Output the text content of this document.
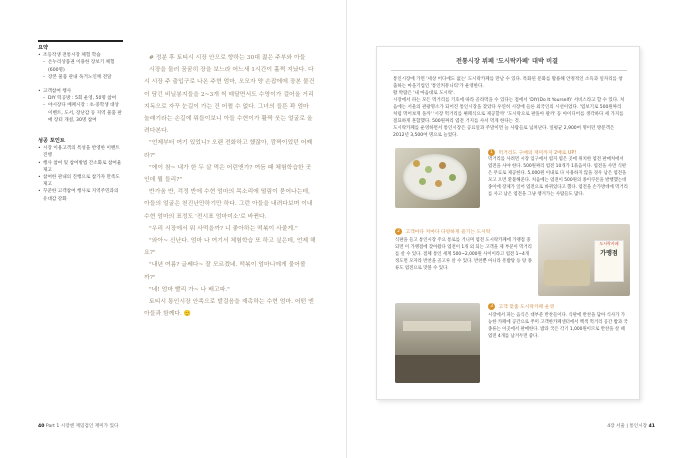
요약
• 조등작생 전통시장 체험 학습
– 온누리상품권 이용한 장보기 체험(600명)
– 장본 물품 관내 독거노인께 전달
• 고객참여 행사
– DIY 떡공방 : 5회 운영, 50명 참여
– 야시장다 베페시장 : 초·중학생 대상 이벤트, 도서, 장난감 등 지역 물품 판매 장터 개설, 30명 참여
성공 포인트
• 시장 이용고객의 특성을 반영한 이벤트 진행
• 행사 참여 및 참여방법 간소화로 참여율 제고
• 참여한 관내의 진행으로 참가자 만족도 제고
• 꾸준한 고객참여 행사로 지역주민과의 유대감 강화

# 정분 후 토티시 시장 안으로 향하는 30대 젊은 주부와 아들

시장을 둘러 꿈꿈히 장을 보느라 어느새 1시간이 훌쩍 지났다. 다시 시장 주 출입구로 나온 주현 엄마, 오모자 양 손잡에에 장본 물건이 담긴 비닐봉지들을 2~3개 씩 매달면서도 수영이가 걸어올 거리 지독으로 자꾸 눈길이 가는 건 어쩔 수 없다. 그녀의 들뜬 꽉 엄마 놀래기라는 손길에 뭐들이보니 아들 수현이가 활짝 웃는 얼굴로 올려다본다.

"언제부터 여기 있었니? 오랜 전화하고 했잖아, 깜짝이었던 어째라?"

"에이 참~ 내가 한 두 살 먹은 어린앤가? 여듬 때 체험학습한 곳인데 뭘 들리?"

반가움 반, 걱정 반에 수현 엄마의 목소리에 떨림이 묻어나는데, 아들의 얼굴은 천진난만하기만 하다. 그런 아들을 내려다보며 이내 수현 엄마의 표정도 '전시표 엄마미소'로 바뀐다.

"우리 시장에서 뭐 사먹을까? 니 좋아하는 떡볶이 사줄게."

"와아~ 신난다. 엄마 나 여기서 체험학습 또 하고 싶은데, 언제 해요?"

"내년 여름? 글쎄다~ 잘 모르겠네. 떡볶이 엄마니에게 물어볼까?"

"네! 엄마 빨리 가~ 나 배고파."

토티시 통인시장 안족으로 발걸음을 재촉하는 수현 엄마. 어떤 엔 아들과 함께다. 🙂

40 Part 1 시장엔 재밌겁인 재미가 있다	4장 서울 | 통인시장 41
전통시장 뷔페 '도시락카페' 대박 비결

통인시장에 가면 '세상 어디에도 없는' 도시락카페를 만날 수 있다. 특화된 문화를 활용해 안정적인 소득과 일자리를 창출하는 마을기업인 '통인커뮤니티'가 운영한다.

활 박람은 '내 마음대로 도시락'.

시장에서 파는 모든 먹거리를 기호에 따라 골라먹을 수 있다는 점에서 'DIY(Do It Yourself)' 서비스라고 할 수 있다. 처음에는 서울의 관광명소가 되어진 통인시장을 찾았다 우연히 시장에 들른 외국인의 시선이었다. '엽보기로 500원짜리처럼 먹어보게 돌까' '시장 먹거리를 뷔페식으로 제공할까' '도시락으로 판돌아 팔까' 등 아이디어를 생각하다 세 가지를 절묘하게 혼합했다. 500원짜리 엽전 거지를 사서 먹게 한다는 것.

도시락카페를 운영하면서 통인시장은 공료일과 주말이면 늘 사람들로 넘쳐난다. 일평균 2,900여 명이던 방문객은 2012년 3,500여 명으로 늘었다.

1 먹거리도 구매의 재미까지 2배로 UP!
먹거리를 사려면 시장 입구에서 엽지 엽은 곳에 위치한 엽전 판매처에서 엽전을 사야 한다. 500원짜리 엽전 10개가 1묶음이다. 엽전을 사면 식판은 무료로 제공한다. 5,000원 이내로 다 사용하지 않을 경우 남은 엽전을 모고 오면 환불해준다. 처음에는 엽전이 500원의 종이쿠폰을 발행했는데 종이에 장제가 일어 엽전으로 바뀌었다고 했다. 엽전을 손가방데에 먹거리를 사고 남은 엽전을 그냥 챙겨가는 사람들도 많다.
2 고객마다 저마다 다양하게 즐기는 도시락
식판을 들고 통인시장 주요 통로를 거니며 엽전 도시락카페에 가맹점 중 되면 이 가맹점에 찾아왔다 엽전이 1개 외 되는 고객을 제 부분이 먹거리를 살 수 있다. 점체 통인 세계 500~2,000원 사이이라고 엽전 1~4개 정도면 모자라 반찬을 골고루 살 수 있다. 반찬뿐 아니라 흥밥탕 등 탕 종류도 엽전으로 맛볼 수 있다.
도시락카페
가맹점
3 고객 맞춤 도시락카페 운영
시장에서 파는 음식은 대부분 반찬들이다. 식판에 반찬을 담아 식사가 가능한 카페에 공간으로 쭈미 고객한카페센터에서 백색 먹거리 공간 밥과 국 종류는 이곳에서 판매한다. 밥과 국은 각기 1,000원이므로 반찬을 살 때 엽전 4개를 남겨두면 좋다.
